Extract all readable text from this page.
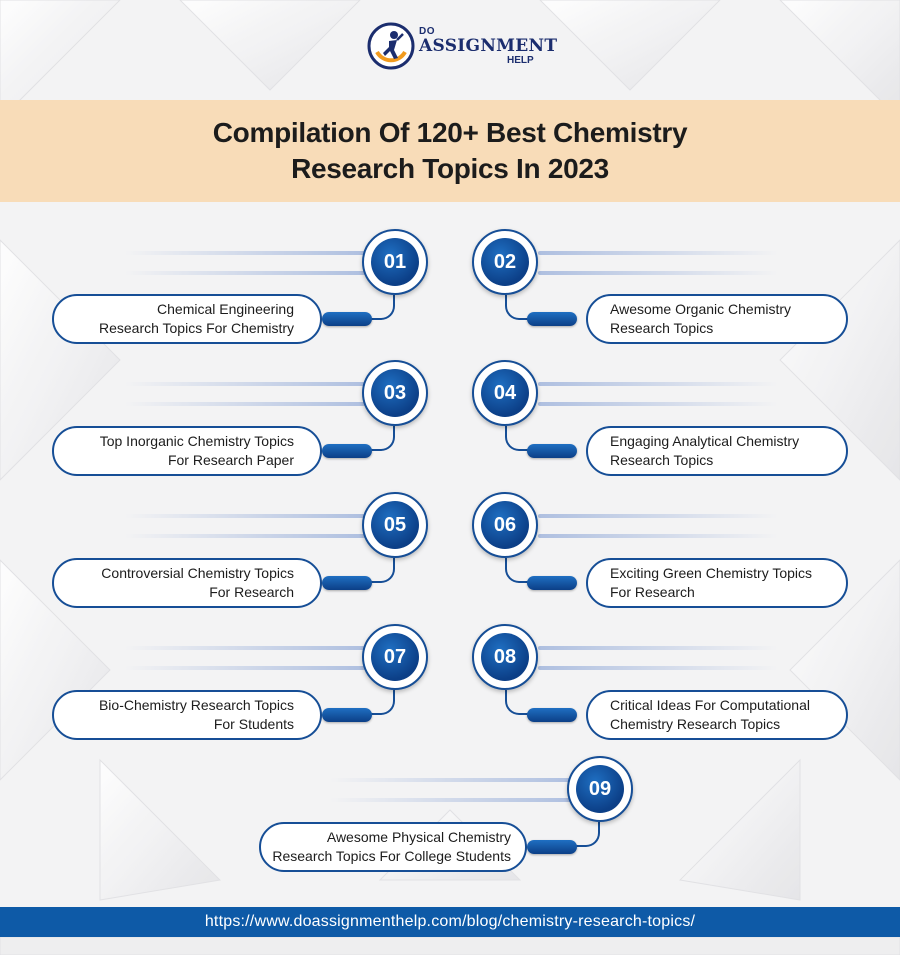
DO
ASSIGNMENT
HELP
Compilation Of 120+ Best Chemistry
Research Topics In 2023
01
Chemical Engineering
Research Topics For Chemistry
02
Awesome Organic Chemistry
Research Topics
03
Top Inorganic Chemistry Topics
For Research Paper
04
Engaging Analytical Chemistry
Research Topics
05
Controversial Chemistry Topics
For Research
06
Exciting Green Chemistry Topics
For Research
07
Bio-Chemistry Research Topics
For Students
08
Critical Ideas For Computational
Chemistry Research Topics
09
Awesome Physical Chemistry
Research Topics For College Students
https://www.doassignmenthelp.com/blog/chemistry-research-topics/
